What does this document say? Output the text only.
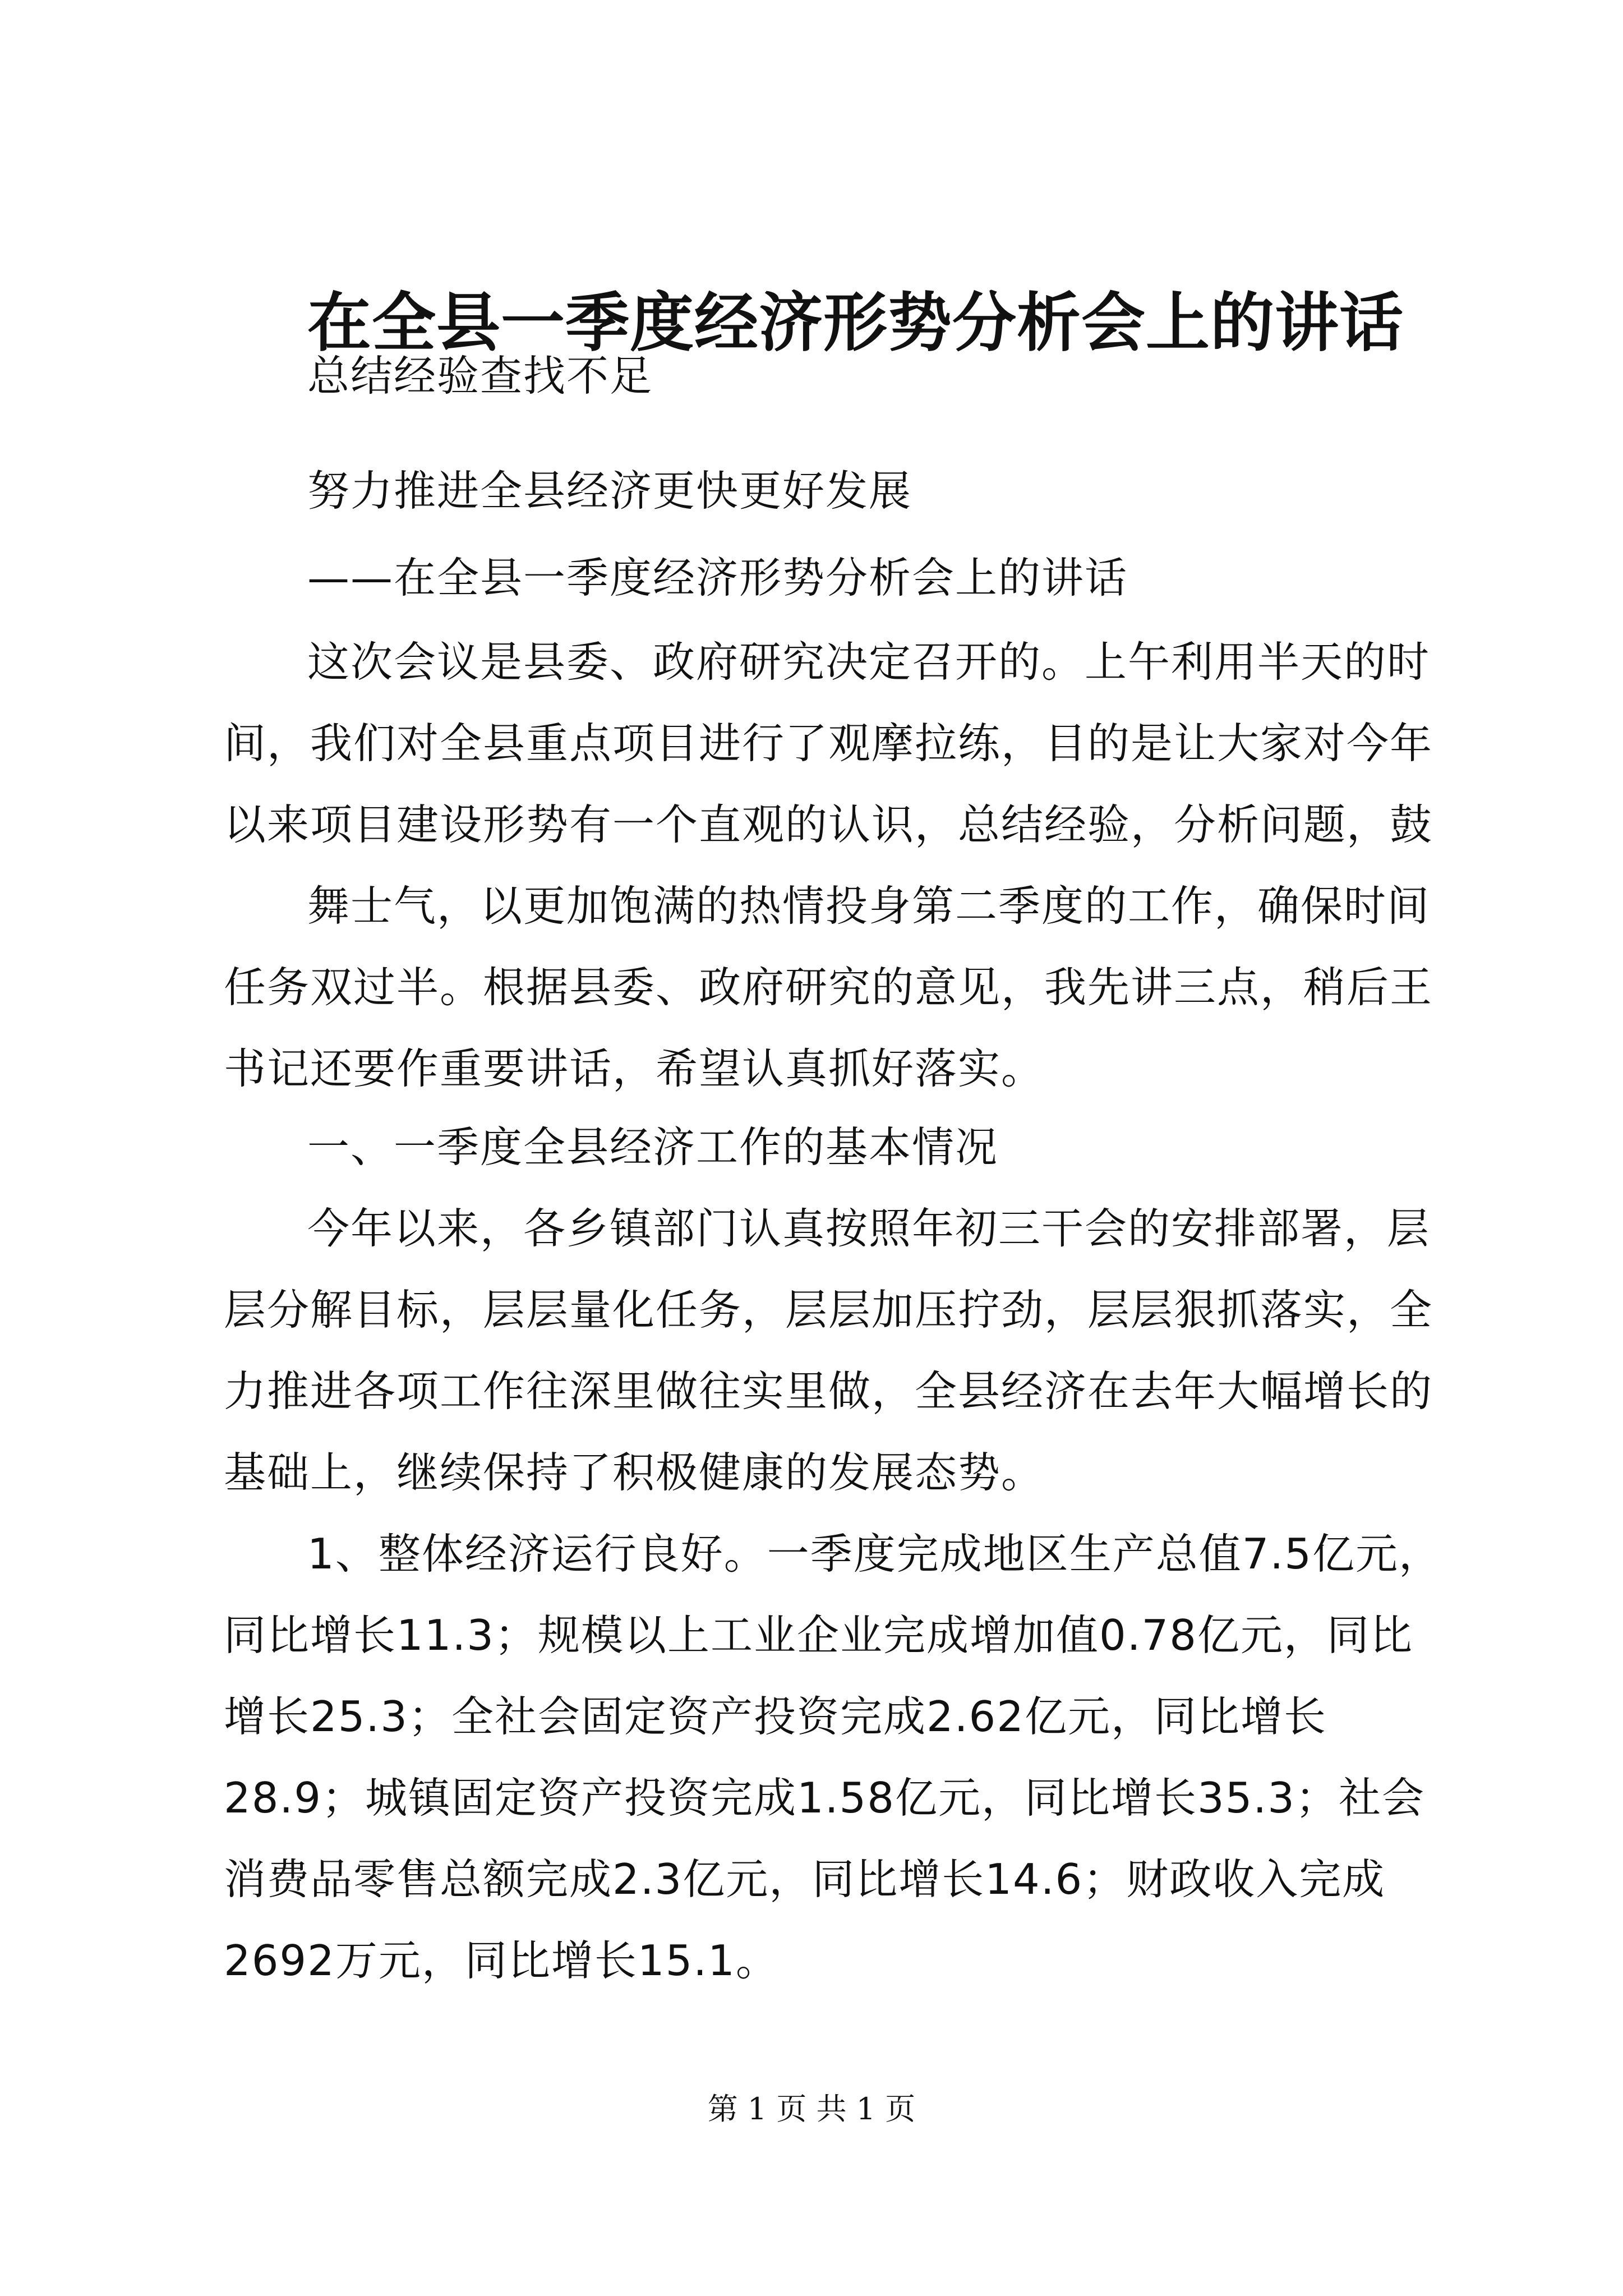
在全县一季度经济形势分析会上的讲话
总结经验查找不足
努力推进全县经济更快更好发展
——在全县一季度经济形势分析会上的讲话
这次会议是县委、政府研究决定召开的。上午利用半天的时
间，我们对全县重点项目进行了观摩拉练，目的是让大家对今年
以来项目建设形势有一个直观的认识，总结经验，分析问题，鼓
舞士气，以更加饱满的热情投身第二季度的工作，确保时间
任务双过半。根据县委、政府研究的意见，我先讲三点，稍后王
书记还要作重要讲话，希望认真抓好落实。
一、一季度全县经济工作的基本情况
今年以来，各乡镇部门认真按照年初三干会的安排部署，层
层分解目标，层层量化任务，层层加压拧劲，层层狠抓落实，全
力推进各项工作往深里做往实里做，全县经济在去年大幅增长的
基础上，继续保持了积极健康的发展态势。
1、整体经济运行良好。一季度完成地区生产总值7.5亿元，
同比增长11.3；规模以上工业企业完成增加值0.78亿元，同比
增长25.3；全社会固定资产投资完成2.62亿元，同比增长
28.9；城镇固定资产投资完成1.58亿元，同比增长35.3；社会
消费品零售总额完成2.3亿元，同比增长14.6；财政收入完成
2692万元，同比增长15.1。
第 1 页 共 1 页
